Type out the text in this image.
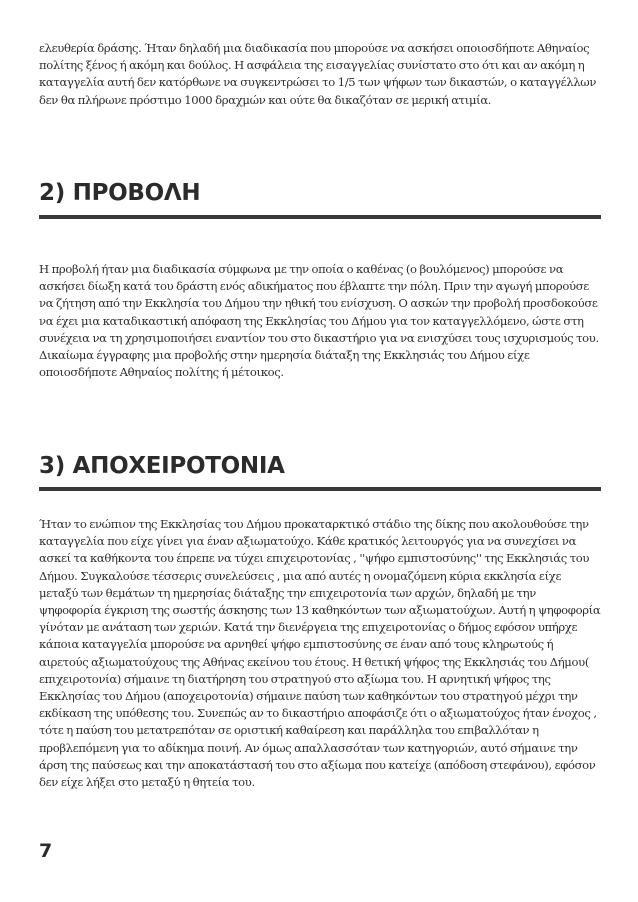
ελευθερία δράσης. Ήταν δηλαδή μια διαδικασία που μπορούσε να ασκήσει οποιοσδήποτε Αθηναίος πολίτης ξένος ή ακόμη και δούλος. Η ασφάλεια της εισαγγελίας συνίστατο στο ότι και αν ακόμη η καταγγελία αυτή δεν κατόρθωνε να συγκεντρώσει το 1/5 των ψήφων των δικαστών, ο καταγγέλλων δεν θα πλήρωνε πρόστιμο 1000 δραχμών και ούτε θα δικαζόταν σε μερική ατιμία.

2) ΠΡΟΒΟΛΗ

Η προβολή ήταν μια διαδικασία σύμφωνα με την οποία ο καθένας (ο βουλόμενος) μπορούσε να ασκήσει δίωξη κατά του δράστη ενός αδικήματος που έβλαπτε την πόλη. Πριν την αγωγή μπορούσε να ζήτηση από την Εκκλησία του Δήμου την ηθική του ενίσχυση. Ο ασκών την προβολή προσδοκούσε να έχει μια καταδικαστική απόφαση της Εκκλησίας του Δήμου για τον καταγγελλόμενο, ώστε στη συνέχεια να τη χρησιμοποιήσει εναντίον του στο δικαστήριο για να ενισχύσει τους ισχυρισμούς του. Δικαίωμα έγγραφης μια προβολής στην ημερησία διάταξη της Εκκλησιάς του Δήμου είχε οποιοσδήποτε Αθηναίος πολίτης ή μέτοικος.

3) ΑΠΟΧΕΙΡΟΤΟΝΙΑ

Ήταν το ενώπιον της Εκκλησίας του Δήμου προκαταρκτικό στάδιο της δίκης που ακολουθούσε την καταγγελία που είχε γίνει για έναν αξιωματούχο. Κάθε κρατικός λειτουργός για να συνεχίσει να ασκεί τα καθήκοντα του έπρεπε να τύχει επιχειροτονίας , ''ψήφο εμπιστοσύνης'' της Εκκλησιάς του Δήμου. Συγκαλούσε τέσσερις συνελεύσεις , μια από αυτές η ονομαζόμενη κύρια εκκλησία είχε μεταξύ των θεμάτων τη ημερησίας διάταξης την επιχειροτονία των αρχών, δηλαδή με την ψηφοφορία έγκριση της σωστής άσκησης των 13 καθηκόντων των αξιωματούχων. Αυτή η ψηφοφορία γίνόταν με ανάταση των χεριών. Κατά την διενέργεια της επιχειροτονίας ο δήμος εφόσον υπήρχε κάποια καταγγελία μπορούσε να αρνηθεί ψήφο εμπιστοσύνης σε έναν από τους κληρωτούς ή αιρετούς αξιωματούχους της Αθήνας εκείνου του έτους. Η θετική ψήφος της Εκκλησιάς του Δήμου( επιχειροτονία) σήμαινε τη διατήρηση του στρατηγού στο αξίωμα του. Η αρνητική ψήφος της Εκκλησίας του Δήμου (αποχειροτονία) σήμαινε παύση των καθηκόντων του στρατηγού μέχρι την εκδίκαση της υπόθεσης του. Συνεπώς αν το δικαστήριο αποφάσιζε ότι ο αξιωματούχος ήταν ένοχος , τότε η παύση του μετατρεπόταν σε οριστική καθαίρεση και παράλληλα του επιβαλλόταν η προβλεπόμενη για το αδίκημα ποινή. Αν όμως απαλλασσόταν των κατηγοριών, αυτό σήμαινε την άρση της παύσεως και την αποκατάστασή του στο αξίωμα που κατείχε (απόδοση στεφάνου), εφόσον δεν είχε λήξει στο μεταξύ η θητεία του.

7
